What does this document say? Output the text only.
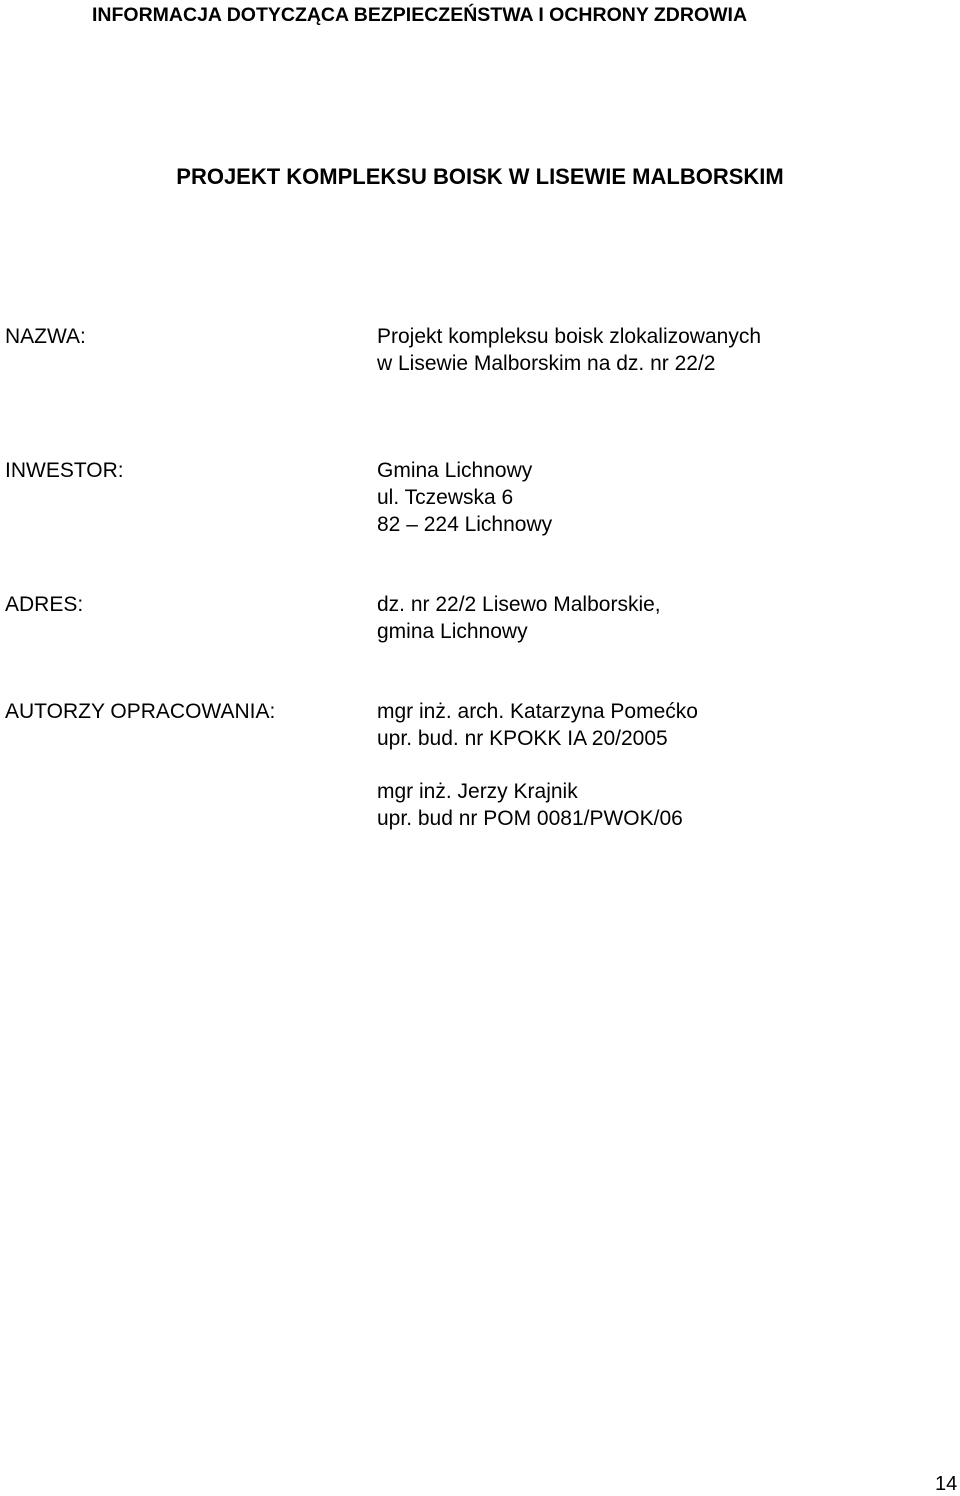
INFORMACJA DOTYCZĄCA BEZPIECZEŃSTWA I OCHRONY ZDROWIA
PROJEKT KOMPLEKSU BOISK W LISEWIE MALBORSKIM
NAZWA:	Projekt kompleksu boisk zlokalizowanych
w Lisewie Malborskim na dz. nr 22/2
INWESTOR:	Gmina Lichnowy
ul. Tczewska 6
82 – 224 Lichnowy
ADRES:	dz. nr 22/2 Lisewo Malborskie,
gmina Lichnowy
AUTORZY OPRACOWANIA:	mgr inż. arch. Katarzyna Pomećko
upr. bud. nr KPOKK IA 20/2005
mgr inż. Jerzy Krajnik
upr. bud nr POM 0081/PWOK/06
14
